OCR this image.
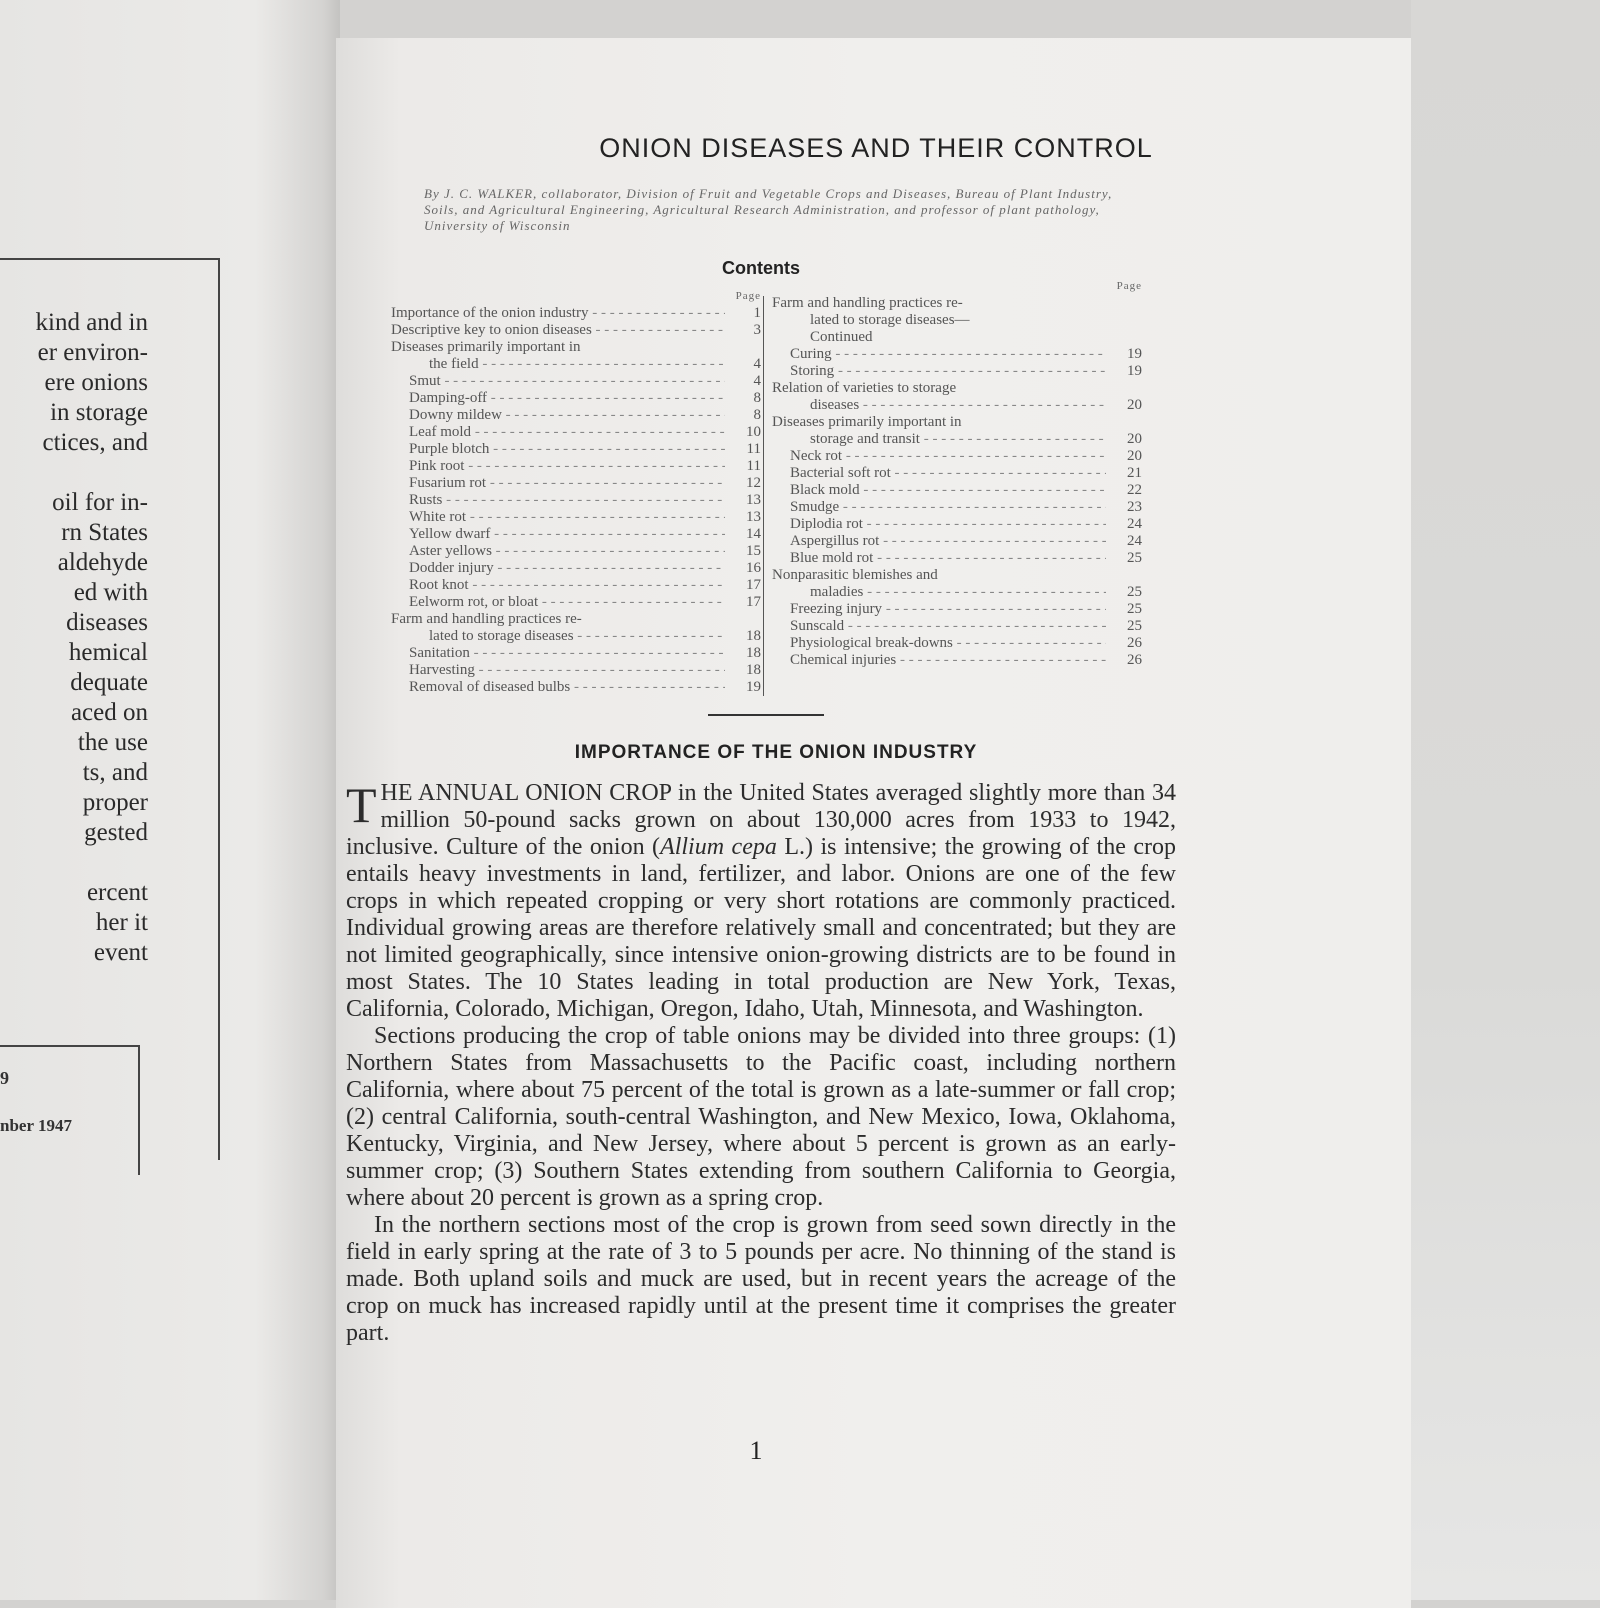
kind and in
er environ-
ere onions
in storage
ctices, and

oil for in-
rn States
aldehyde
ed with
diseases
hemical
dequate
aced on
the use
ts, and
proper
gested

ercent
her it
event
9
nber 1947
ONION DISEASES AND THEIR CONTROL
By J. C. WALKER, collaborator, Division of Fruit and Vegetable Crops and Diseases, Bureau of Plant Industry, Soils, and Agricultural Engineering, Agricultural Research Administration, and professor of plant pathology, University of Wisconsin
Contents
Page
Importance of the onion industry - - -	1
Descriptive key to onion diseases - - -	3
Diseases primarily important in
the field - - -	4
Smut - - -	4
Damping-off - - -	8
Downy mildew - - -	8
Leaf mold - - -	10
Purple blotch - - -	11
Pink root - - -	11
Fusarium rot - - -	12
Rusts - - -	13
White rot - - -	13
Yellow dwarf - - -	14
Aster yellows - - -	15
Dodder injury - - -	16
Root knot - - -	17
Eelworm rot, or bloat - - -	17
Farm and handling practices re-
lated to storage diseases - - -	18
Sanitation - - -	18
Harvesting - - -	18
Removal of diseased bulbs - - -	19
Page
Farm and handling practices re-
lated to storage diseases—
Continued
Curing - - -	19
Storing - - -	19
Relation of varieties to storage
diseases - - -	20
Diseases primarily important in
storage and transit - - -	20
Neck rot - - -	20
Bacterial soft rot - - -	21
Black mold - - -	22
Smudge - - -	23
Diplodia rot - - -	24
Aspergillus rot - - -	24
Blue mold rot - - -	25
Nonparasitic blemishes and
maladies - - -	25
Freezing injury - - -	25
Sunscald - - -	25
Physiological break-downs - - -	26
Chemical injuries - - -	26
IMPORTANCE OF THE ONION INDUSTRY

THE ANNUAL ONION CROP in the United States averaged slightly more than 34 million 50-pound sacks grown on about 130,000 acres from 1933 to 1942, inclusive. Culture of the onion (Allium cepa L.) is intensive; the growing of the crop entails heavy investments in land, fertilizer, and labor. Onions are one of the few crops in which repeated cropping or very short rotations are commonly practiced. Individual growing areas are therefore relatively small and concentrated; but they are not limited geographically, since intensive onion-growing districts are to be found in most States. The 10 States leading in total production are New York, Texas, California, Colorado, Michigan, Oregon, Idaho, Utah, Minnesota, and Washington.

Sections producing the crop of table onions may be divided into three groups: (1) Northern States from Massachusetts to the Pacific coast, including northern California, where about 75 percent of the total is grown as a late-summer or fall crop; (2) central California, south-central Washington, and New Mexico, Iowa, Oklahoma, Kentucky, Virginia, and New Jersey, where about 5 percent is grown as an early-summer crop; (3) Southern States extending from southern California to Georgia, where about 20 percent is grown as a spring crop.

In the northern sections most of the crop is grown from seed sown directly in the field in early spring at the rate of 3 to 5 pounds per acre. No thinning of the stand is made. Both upland soils and muck are used, but in recent years the acreage of the crop on muck has increased rapidly until at the present time it comprises the greater part.

1
